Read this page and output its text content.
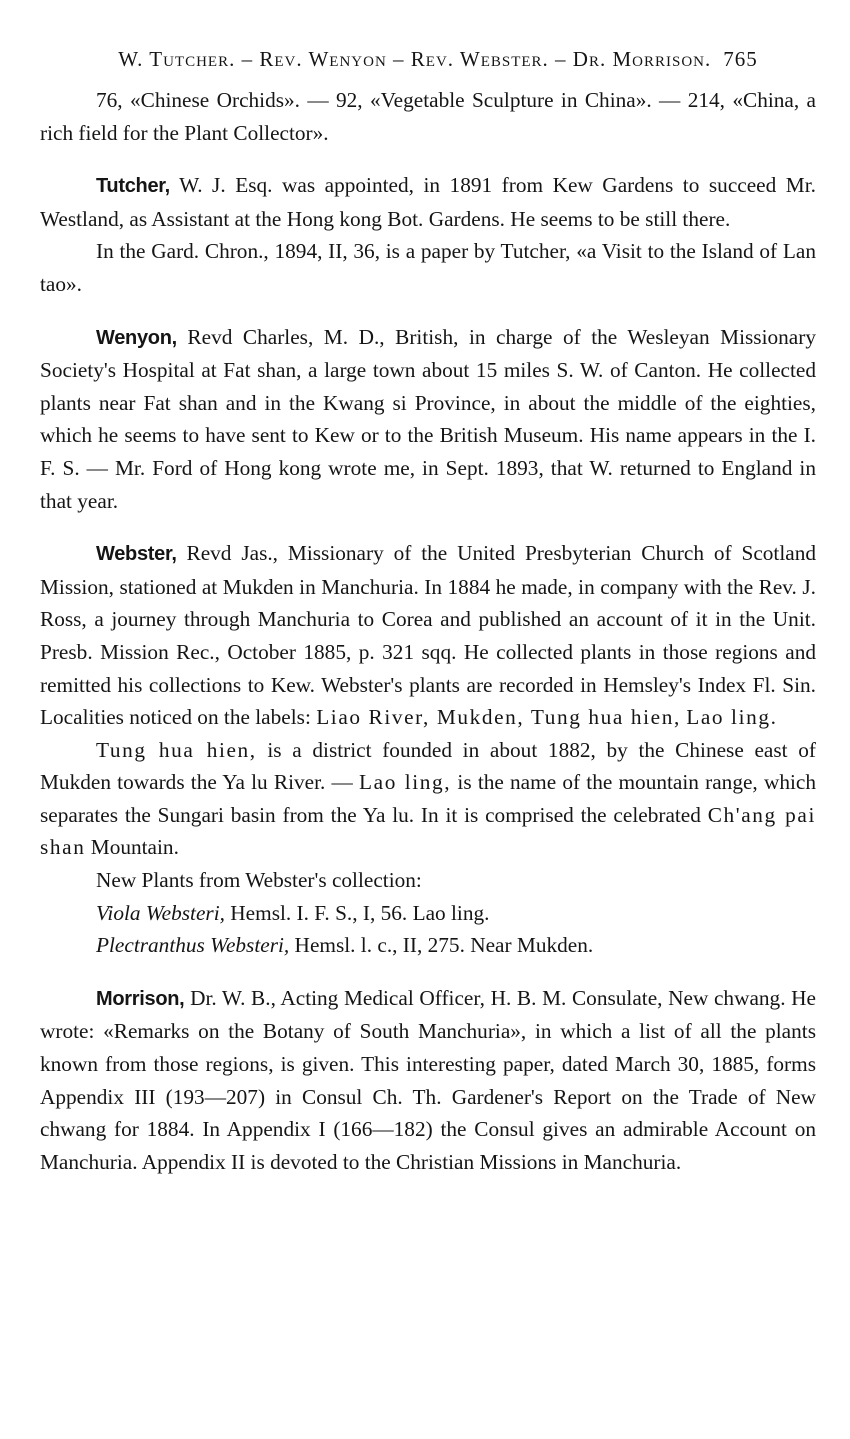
W. Tutcher. – Rev. Wenyon – Rev. Webster. – Dr. Morrison. 765

76, «Chinese Orchids». — 92, «Vegetable Sculpture in China». — 214, «China, a rich field for the Plant Collector».

Tutcher, W. J. Esq. was appointed, in 1891 from Kew Gardens to succeed Mr. Westland, as Assistant at the Hong kong Bot. Gardens. He seems to be still there.

In the Gard. Chron., 1894, II, 36, is a paper by Tutcher, «a Visit to the Island of Lan tao».

Wenyon, Revd Charles, M. D., British, in charge of the Wesleyan Missionary Society's Hospital at Fat shan, a large town about 15 miles S. W. of Canton. He collected plants near Fat shan and in the Kwang si Province, in about the middle of the eighties, which he seems to have sent to Kew or to the British Museum. His name appears in the I. F. S. — Mr. Ford of Hong kong wrote me, in Sept. 1893, that W. returned to England in that year.

Webster, Revd Jas., Missionary of the United Presbyterian Church of Scotland Mission, stationed at Mukden in Manchuria. In 1884 he made, in company with the Rev. J. Ross, a journey through Manchuria to Corea and published an account of it in the Unit. Presb. Mission Rec., October 1885, p. 321 sqq. He collected plants in those regions and remitted his collections to Kew. Webster's plants are recorded in Hemsley's Index Fl. Sin. Localities noticed on the labels: Liao River, Mukden, Tung hua hien, Lao ling.

Tung hua hien, is a district founded in about 1882, by the Chinese east of Mukden towards the Ya lu River. — Lao ling, is the name of the mountain range, which separates the Sungari basin from the Ya lu. In it is comprised the celebrated Ch'ang pai shan Mountain.

New Plants from Webster's collection:

Viola Websteri, Hemsl. I. F. S., I, 56. Lao ling.

Plectranthus Websteri, Hemsl. l. c., II, 275. Near Mukden.

Morrison, Dr. W. B., Acting Medical Officer, H. B. M. Consulate, New chwang. He wrote: «Remarks on the Botany of South Manchuria», in which a list of all the plants known from those regions, is given. This interesting paper, dated March 30, 1885, forms Appendix III (193—207) in Consul Ch. Th. Gardener's Report on the Trade of New chwang for 1884. In Appendix I (166—182) the Consul gives an admirable Account on Manchuria. Appendix II is devoted to the Christian Missions in Manchuria.
